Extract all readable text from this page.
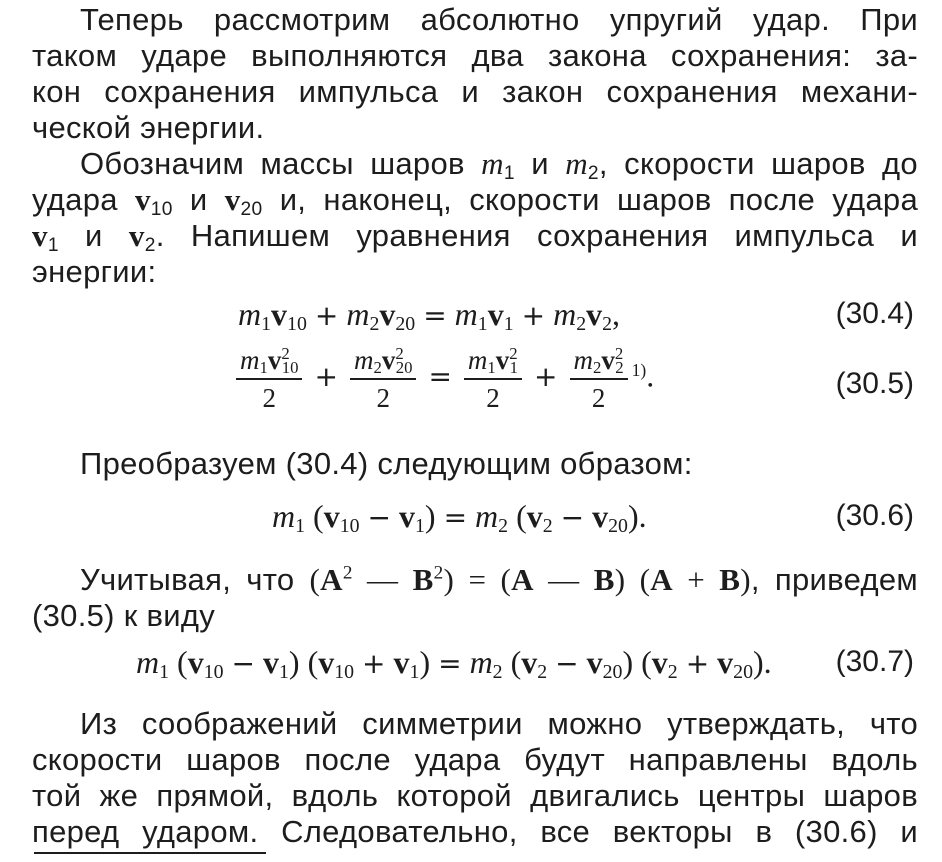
Теперь рассмотрим абсолютно упругий удар. При
таком ударе выполняются два закона сохранения: за-
кон сохранения импульса и закон сохранения механи-
ческой энергии.
Обозначим массы шаров $m_1$ и $m_2$, скорости шаров до
удара $v_{10}$ и $v_{20}$ и, наконец, скорости шаров после удара
$v_1$ и $v_2$. Напишем уравнения сохранения импульса и
энергии:
$m_1v_{10} + m_2v_{20} = m_1v_1 + m_2v_2$,	(30.4)
$\frac{m_1v^2_{10}}{2} + \frac{m_2v^2_{20}}{2} = \frac{m_1v^2_1}{2} + \frac{m_2v^2_2}{2} ^{1)}$.	(30.5)
Преобразуем (30.4) следующим образом:
$m_1$ $(v_{10} - v_1) = m_2$ $(v_2 - v_{20})$.	(30.6)
Учитывая, что ($A^2$ — $B^2) = (A$ — B) (A + B), приведем
(30.5) к виду
$m_1$ $(v_{10} - v_1) (v_{10} + v_1) = m_2$ $(v_2 - v_{20}) (v_2 + v_{20})$. (30.7)
Из соображений симметрии можно утверждать, что
скорости шаров после удара будут направлены вдоль
той же прямой, вдоль которой двигались центры шаров
перед ударом. Следовательно, все векторы в (30.6) и
